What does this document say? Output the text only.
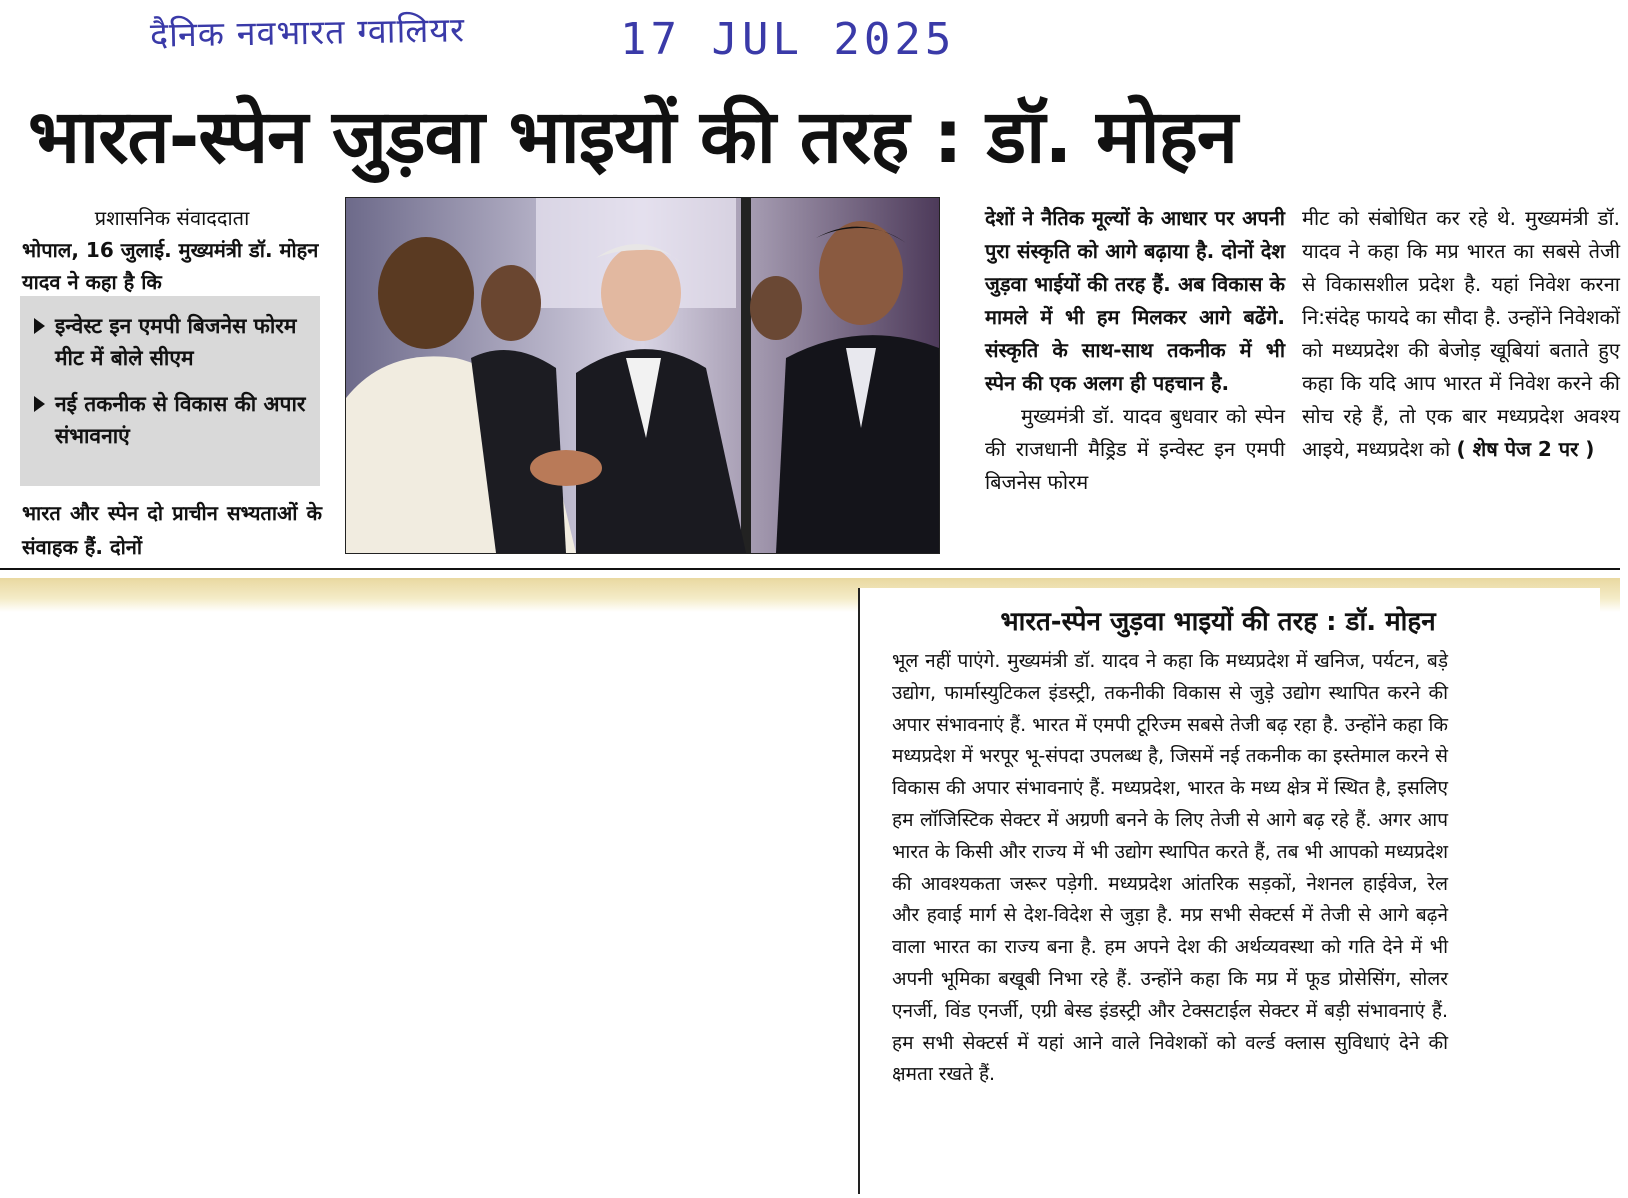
दैनिक नवभारत ग्वालियर	17 JUL 2025
भारत-स्पेन जुड़वा भाइयों की तरह : डॉ. मोहन
प्रशासनिक संवाददाता
भोपाल, 16 जुलाई. मुख्यमंत्री डॉ. मोहन यादव ने कहा है कि
इन्वेस्ट इन एमपी बिजनेस फोरम मीट में बोले सीएम
नई तकनीक से विकास की अपार संभावनाएं
भारत और स्पेन दो प्राचीन सभ्यताओं के संवाहक हैं. दोनों

देशों ने नैतिक मूल्यों के आधार पर अपनी पुरा संस्कृति को आगे बढ़ाया है. दोनों देश जुड़वा भाईयों की तरह हैं. अब विकास के मामले में भी हम मिलकर आगे बढेंगे. संस्कृति के साथ-साथ तकनीक में भी स्पेन की एक अलग ही पहचान है.

मुख्यमंत्री डॉ. यादव बुधवार को स्पेन की राजधानी मैड्रिड में इन्वेस्ट इन एमपी बिजनेस फोरम

मीट को संबोधित कर रहे थे. मुख्यमंत्री डॉ. यादव ने कहा कि मप्र भारत का सबसे तेजी से विकासशील प्रदेश है. यहां निवेश करना नि:संदेह फायदे का सौदा है. उन्होंने निवेशकों को मध्यप्रदेश की बेजोड़ खूबियां बताते हुए कहा कि यदि आप भारत में निवेश करने की सोच रहे हैं, तो एक बार मध्यप्रदेश अवश्य आइये, मध्यप्रदेश को ( शेष पेज 2 पर )
भारत-स्पेन जुड़वा भाइयों की तरह : डॉ. मोहन
भूल नहीं पाएंगे. मुख्यमंत्री डॉ. यादव ने कहा कि मध्यप्रदेश में खनिज, पर्यटन, बड़े उद्योग, फार्मास्युटिकल इंडस्ट्री, तकनीकी विकास से जुड़े उद्योग स्थापित करने की अपार संभावनाएं हैं. भारत में एमपी टूरिज्म सबसे तेजी बढ़ रहा है. उन्होंने कहा कि मध्यप्रदेश में भरपूर भू-संपदा उपलब्ध है, जिसमें नई तकनीक का इस्तेमाल करने से विकास की अपार संभावनाएं हैं. मध्यप्रदेश, भारत के मध्य क्षेत्र में स्थित है, इसलिए हम लॉजिस्टिक सेक्टर में अग्रणी बनने के लिए तेजी से आगे बढ़ रहे हैं. अगर आप भारत के किसी और राज्य में भी उद्योग स्थापित करते हैं, तब भी आपको मध्यप्रदेश की आवश्यकता जरूर पड़ेगी. मध्यप्रदेश आंतरिक सड़कों, नेशनल हाईवेज, रेल और हवाई मार्ग से देश-विदेश से जुड़ा है. मप्र सभी सेक्टर्स में तेजी से आगे बढ़ने वाला भारत का राज्य बना है. हम अपने देश की अर्थव्यवस्था को गति देने में भी अपनी भूमिका बखूबी निभा रहे हैं. उन्होंने कहा कि मप्र में फूड प्रोसेसिंग, सोलर एनर्जी, विंड एनर्जी, एग्री बेस्ड इंडस्ट्री और टेक्सटाईल सेक्टर में बड़ी संभावनाएं हैं. हम सभी सेक्टर्स में यहां आने वाले निवेशकों को वर्ल्ड क्लास सुविधाएं देने की क्षमता रखते हैं.
